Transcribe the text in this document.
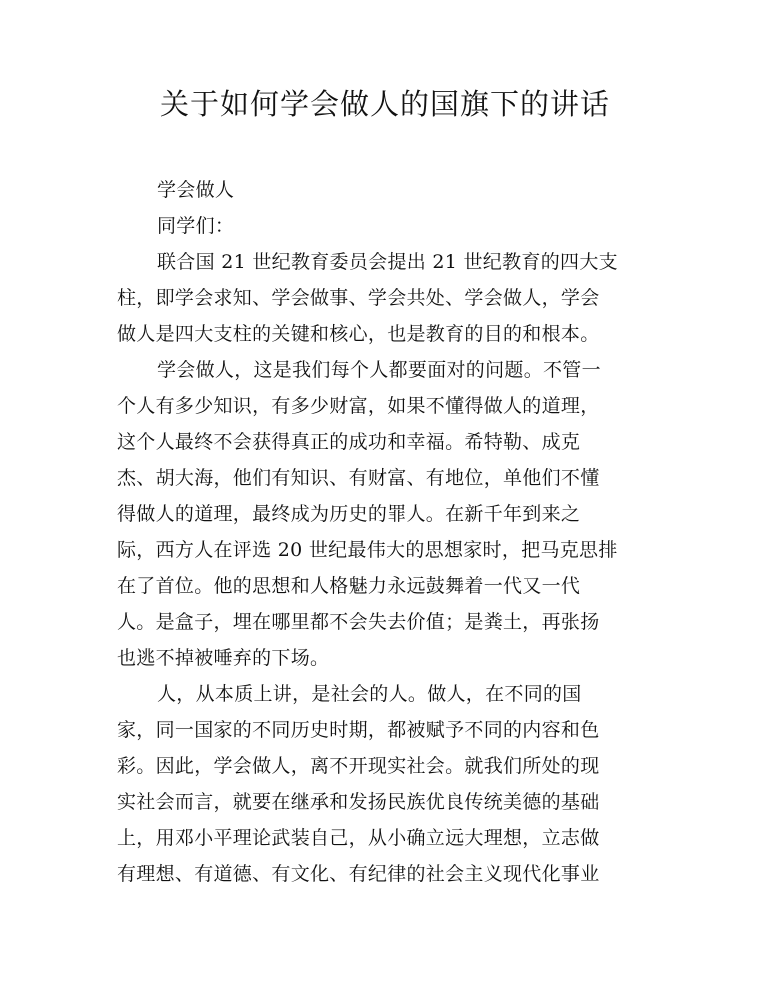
关于如何学会做人的国旗下的讲话
学会做人
同学们：
联合国 21 世纪教育委员会提出 21 世纪教育的四大支
柱，即学会求知、学会做事、学会共处、学会做人，学会
做人是四大支柱的关键和核心，也是教育的目的和根本。
学会做人，这是我们每个人都要面对的问题。不管一
个人有多少知识，有多少财富，如果不懂得做人的道理，
这个人最终不会获得真正的成功和幸福。希特勒、成克
杰、胡大海，他们有知识、有财富、有地位，单他们不懂
得做人的道理，最终成为历史的罪人。在新千年到来之
际，西方人在评选 20 世纪最伟大的思想家时，把马克思排
在了首位。他的思想和人格魅力永远鼓舞着一代又一代
人。是盒子，埋在哪里都不会失去价值；是粪土，再张扬
也逃不掉被唾弃的下场。
人，从本质上讲，是社会的人。做人，在不同的国
家，同一国家的不同历史时期，都被赋予不同的内容和色
彩。因此，学会做人，离不开现实社会。就我们所处的现
实社会而言，就要在继承和发扬民族优良传统美德的基础
上，用邓小平理论武装自己，从小确立远大理想，立志做
有理想、有道德、有文化、有纪律的社会主义现代化事业
